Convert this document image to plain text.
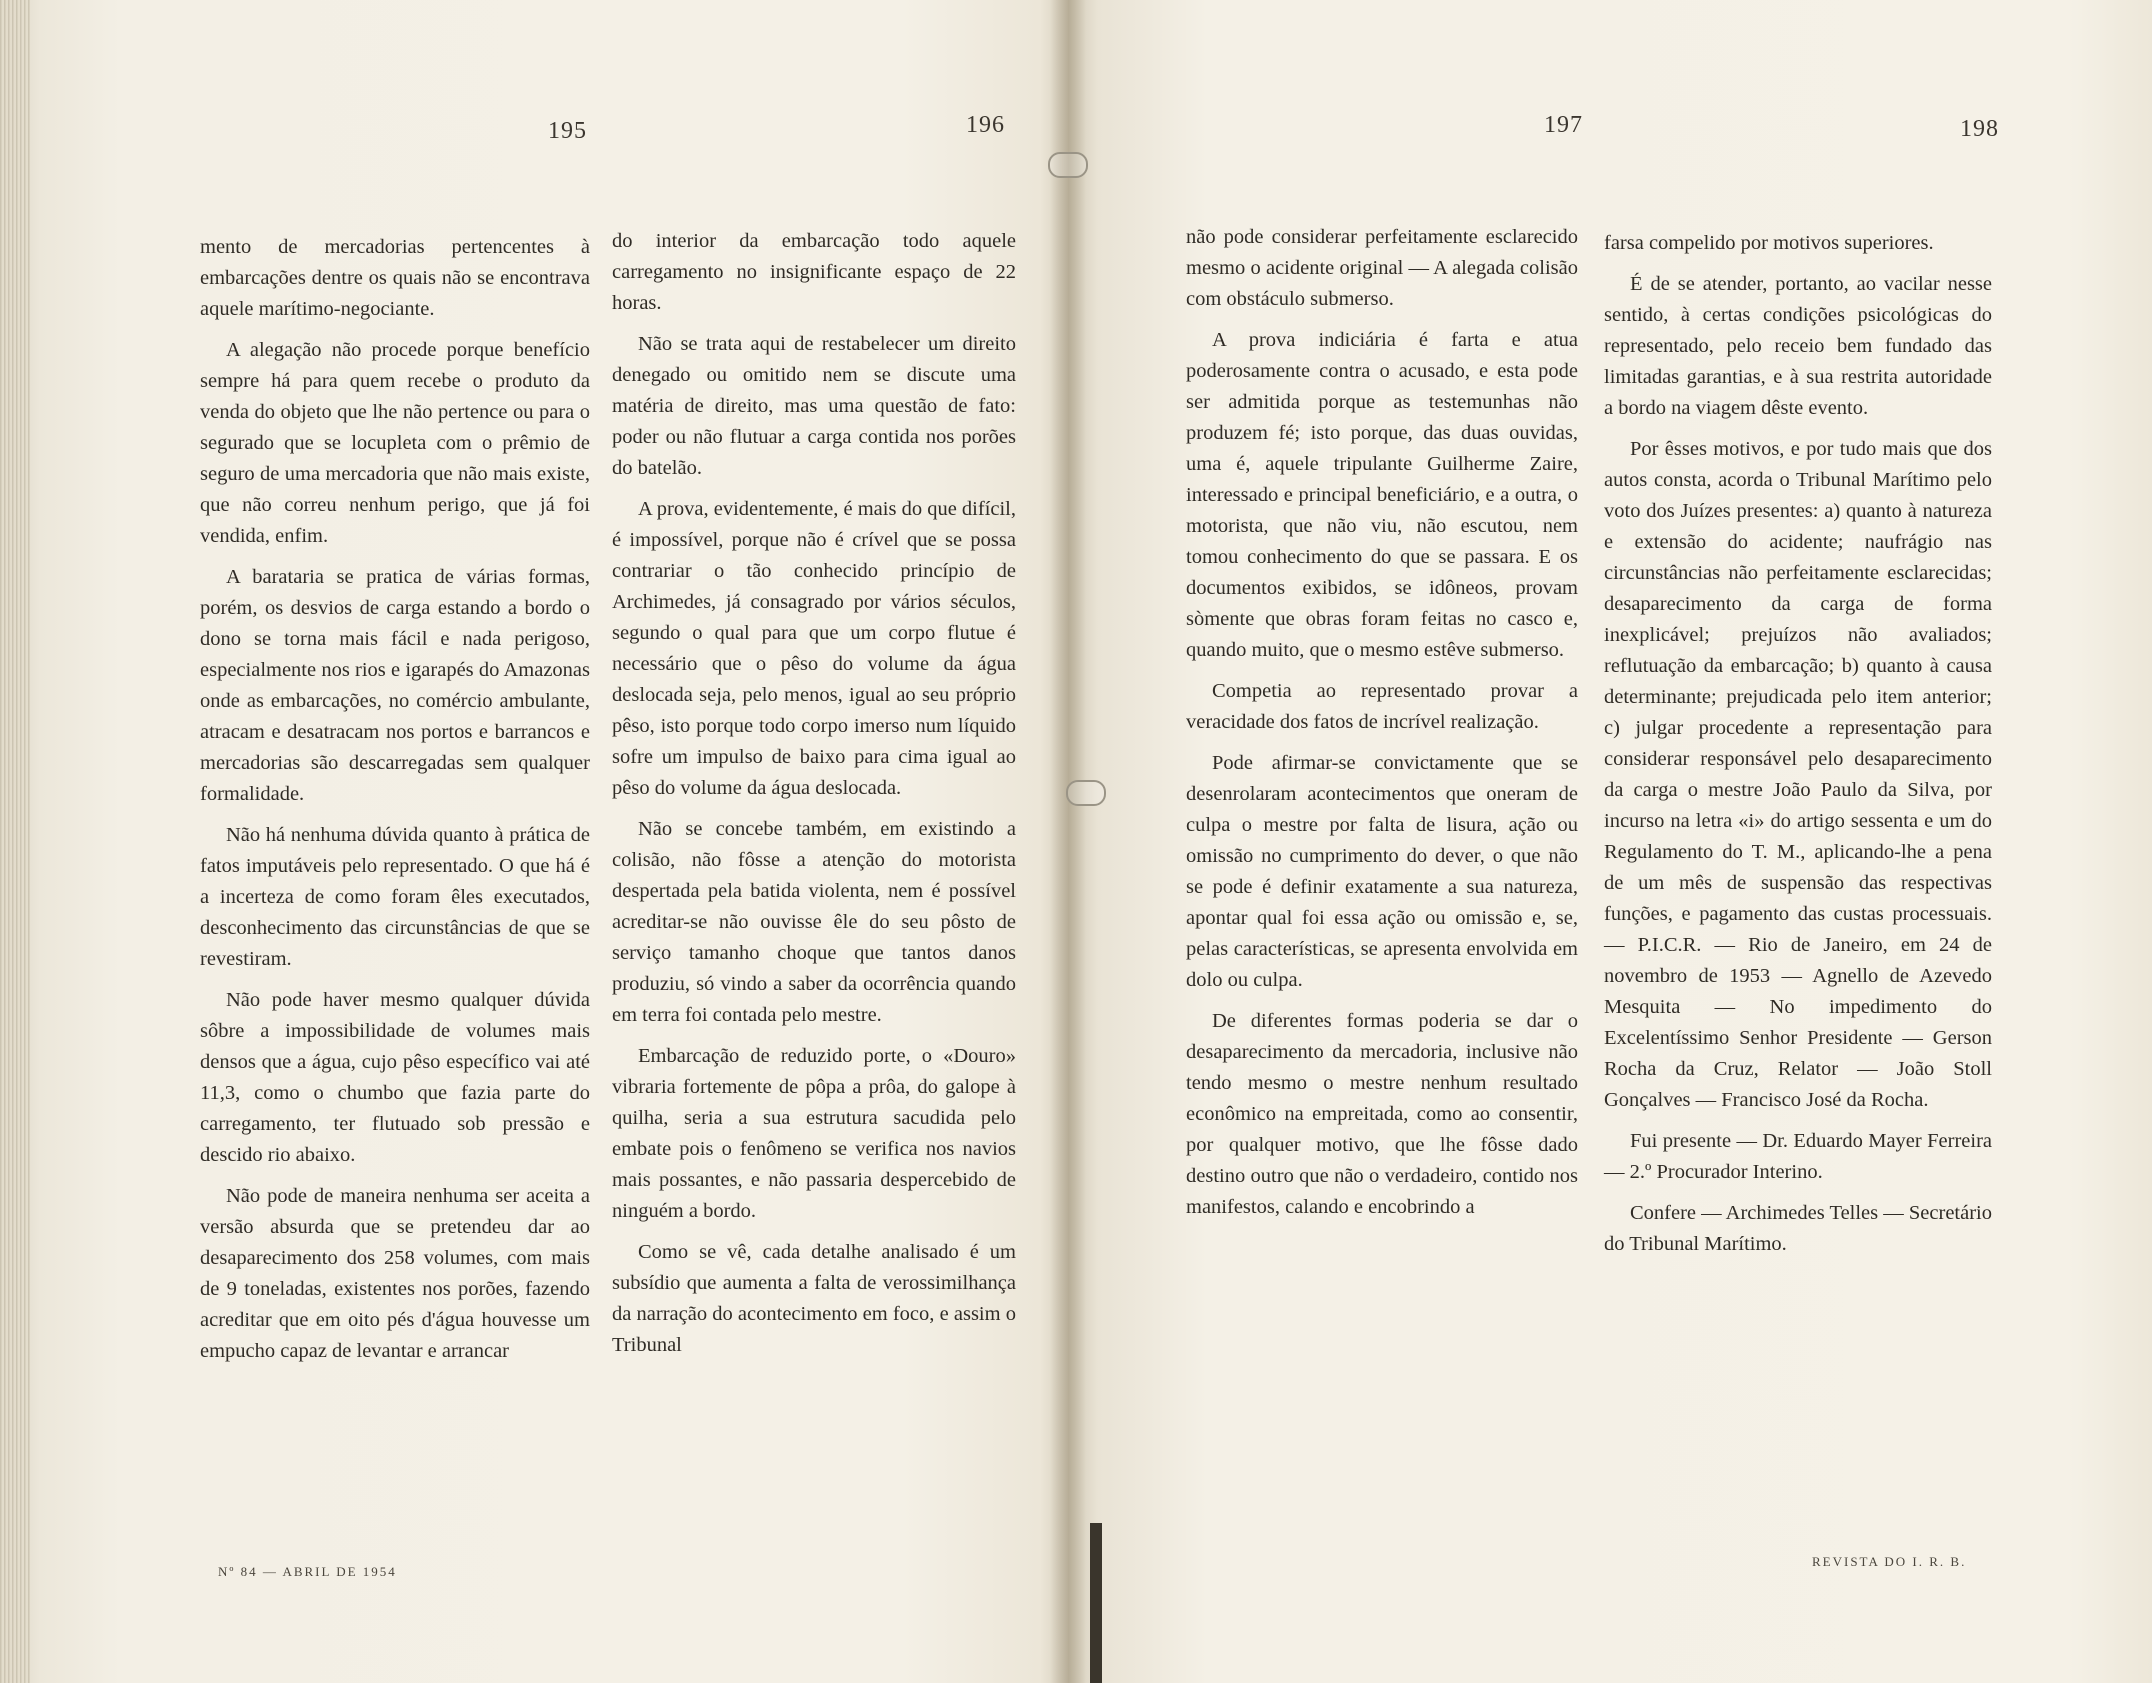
195	196	197	198

mento de mercadorias pertencentes à embarcações dentre os quais não se encontrava aquele marítimo-negociante.

A alegação não procede porque benefício sempre há para quem recebe o produto da venda do objeto que lhe não pertence ou para o segurado que se locupleta com o prêmio de seguro de uma mercadoria que não mais existe, que não correu nenhum perigo, que já foi vendida, enfim.

A barataria se pratica de várias formas, porém, os desvios de carga estando a bordo o dono se torna mais fácil e nada perigoso, especialmente nos rios e igarapés do Amazonas onde as embarcações, no comércio ambulante, atracam e desatracam nos portos e barrancos e mercadorias são descarregadas sem qualquer formalidade.

Não há nenhuma dúvida quanto à prática de fatos imputáveis pelo representado. O que há é a incerteza de como foram êles executados, desconhecimento das circunstâncias de que se revestiram.

Não pode haver mesmo qualquer dúvida sôbre a impossibilidade de volumes mais densos que a água, cujo pêso específico vai até 11,3, como o chumbo que fazia parte do carregamento, ter flutuado sob pressão e descido rio abaixo.

Não pode de maneira nenhuma ser aceita a versão absurda que se pretendeu dar ao desaparecimento dos 258 volumes, com mais de 9 toneladas, existentes nos porões, fazendo acreditar que em oito pés d'água houvesse um empucho capaz de levantar e arrancar

do interior da embarcação todo aquele carregamento no insignificante espaço de 22 horas.

Não se trata aqui de restabelecer um direito denegado ou omitido nem se discute uma matéria de direito, mas uma questão de fato: poder ou não flutuar a carga contida nos porões do batelão.

A prova, evidentemente, é mais do que difícil, é impossível, porque não é crível que se possa contrariar o tão conhecido princípio de Archimedes, já consagrado por vários séculos, segundo o qual para que um corpo flutue é necessário que o pêso do volume da água deslocada seja, pelo menos, igual ao seu próprio pêso, isto porque todo corpo imerso num líquido sofre um impulso de baixo para cima igual ao pêso do volume da água deslocada.

Não se concebe também, em existindo a colisão, não fôsse a atenção do motorista despertada pela batida violenta, nem é possível acreditar-se não ouvisse êle do seu pôsto de serviço tamanho choque que tantos danos produziu, só vindo a saber da ocorrência quando em terra foi contada pelo mestre.

Embarcação de reduzido porte, o «Douro» vibraria fortemente de pôpa a prôa, do galope à quilha, seria a sua estrutura sacudida pelo embate pois o fenômeno se verifica nos navios mais possantes, e não passaria despercebido de ninguém a bordo.

Como se vê, cada detalhe analisado é um subsídio que aumenta a falta de verossimilhança da narração do acontecimento em foco, e assim o Tribunal

não pode considerar perfeitamente esclarecido mesmo o acidente original — A alegada colisão com obstáculo submerso.

A prova indiciária é farta e atua poderosamente contra o acusado, e esta pode ser admitida porque as testemunhas não produzem fé; isto porque, das duas ouvidas, uma é, aquele tripulante Guilherme Zaire, interessado e principal beneficiário, e a outra, o motorista, que não viu, não escutou, nem tomou conhecimento do que se passara. E os documentos exibidos, se idôneos, provam sòmente que obras foram feitas no casco e, quando muito, que o mesmo estêve submerso.

Competia ao representado provar a veracidade dos fatos de incrível realização.

Pode afirmar-se convictamente que se desenrolaram acontecimentos que oneram de culpa o mestre por falta de lisura, ação ou omissão no cumprimento do dever, o que não se pode é definir exatamente a sua natureza, apontar qual foi essa ação ou omissão e, se, pelas características, se apresenta envolvida em dolo ou culpa.

De diferentes formas poderia se dar o desaparecimento da mercadoria, inclusive não tendo mesmo o mestre nenhum resultado econômico na empreitada, como ao consentir, por qualquer motivo, que lhe fôsse dado destino outro que não o verdadeiro, contido nos manifestos, calando e encobrindo a

farsa compelido por motivos superiores.

É de se atender, portanto, ao vacilar nesse sentido, à certas condições psicológicas do representado, pelo receio bem fundado das limitadas garantias, e à sua restrita autoridade a bordo na viagem dêste evento.

Por êsses motivos, e por tudo mais que dos autos consta, acorda o Tribunal Marítimo pelo voto dos Juízes presentes: a) quanto à natureza e extensão do acidente; naufrágio nas circunstâncias não perfeitamente esclarecidas; desaparecimento da carga de forma inexplicável; prejuízos não avaliados; reflutuação da embarcação; b) quanto à causa determinante; prejudicada pelo item anterior; c) julgar procedente a representação para considerar responsável pelo desaparecimento da carga o mestre João Paulo da Silva, por incurso na letra «i» do artigo sessenta e um do Regulamento do T. M., aplicando-lhe a pena de um mês de suspensão das respectivas funções, e pagamento das custas processuais. — P.I.C.R. — Rio de Janeiro, em 24 de novembro de 1953 — Agnello de Azevedo Mesquita — No impedimento do Excelentíssimo Senhor Presidente — Gerson Rocha da Cruz, Relator — João Stoll Gonçalves — Francisco José da Rocha.

Fui presente — Dr. Eduardo Mayer Ferreira — 2.º Procurador Interino.

Confere — Archimedes Telles — Secretário do Tribunal Marítimo.

Nº 84 — ABRIL DE 1954
REVISTA DO I. R. B.
